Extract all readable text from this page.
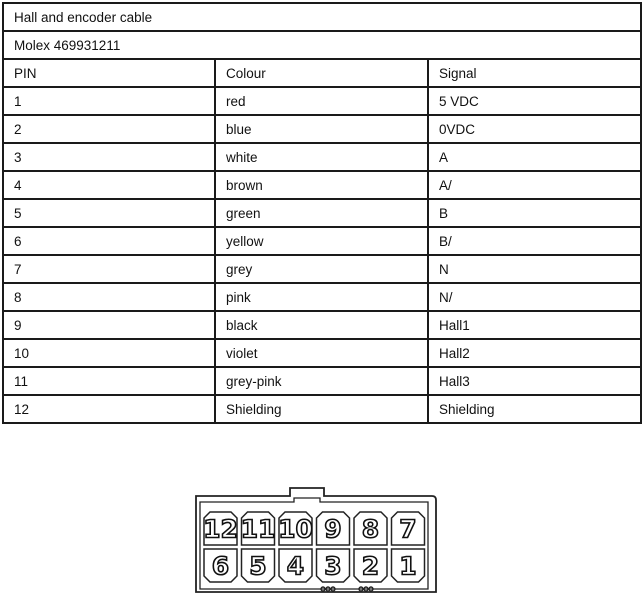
Hall and encoder cable		
Molex 469931211		
PIN	Colour	Signal
1	red	5 VDC
2	blue	0VDC
3	white	A
4	brown	A/
5	green	B
6	yellow	B/
7	grey	N
8	pink	N/
9	black	Hall1
10	violet	Hall2
11	grey-pink	Hall3
12	Shielding	Shielding
12 11 10 9 8 7
6 5 4 3 2 1
